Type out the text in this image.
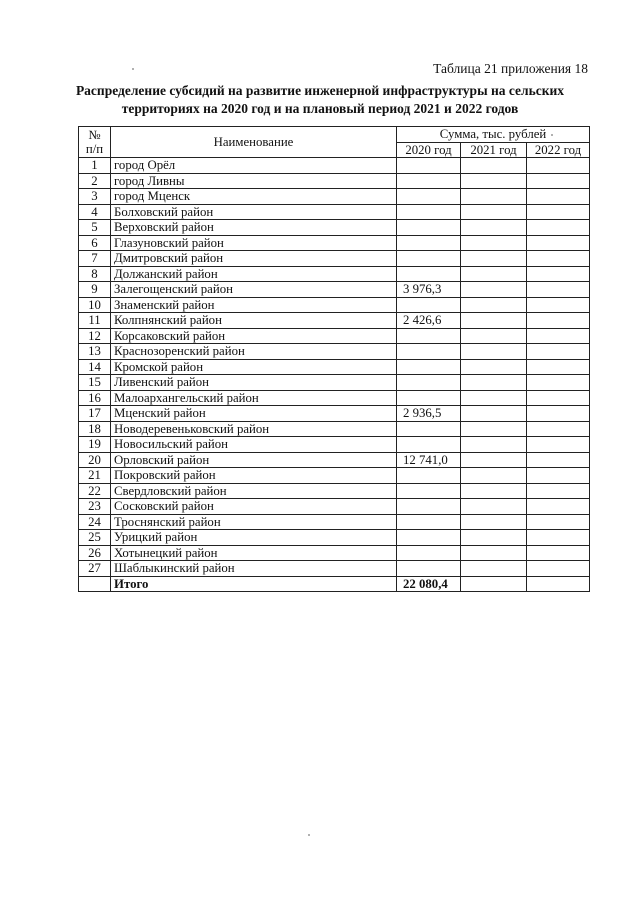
Таблица 21 приложения 18
Распределение субсидий на развитие инженерной инфраструктуры на сельских
территориях на 2020 год и на плановый период 2021 и 2022 годов
№
п/п	Наименование	Сумма, тыс. рублей		
		2020 год	2021 год	2022 год
1	город Орёл			
2	город Ливны			
3	город Мценск			
4	Болховский район			
5	Верховский район			
6	Глазуновский район			
7	Дмитровский район			
8	Должанский район			
9	Залегощенский район	3 976,3		
10	Знаменский район			
11	Колпнянский район	2 426,6		
12	Корсаковский район			
13	Краснозоренский район			
14	Кромской район			
15	Ливенский район			
16	Малоархангельский район			
17	Мценский район	2 936,5		
18	Новодеревеньковский район			
19	Новосильский район			
20	Орловский район	12 741,0		
21	Покровский район			
22	Свердловский район			
23	Сосковский район			
24	Троснянский район			
25	Урицкий район			
26	Хотынецкий район			
27	Шаблыкинский район			
	Итого	22 080,4		
